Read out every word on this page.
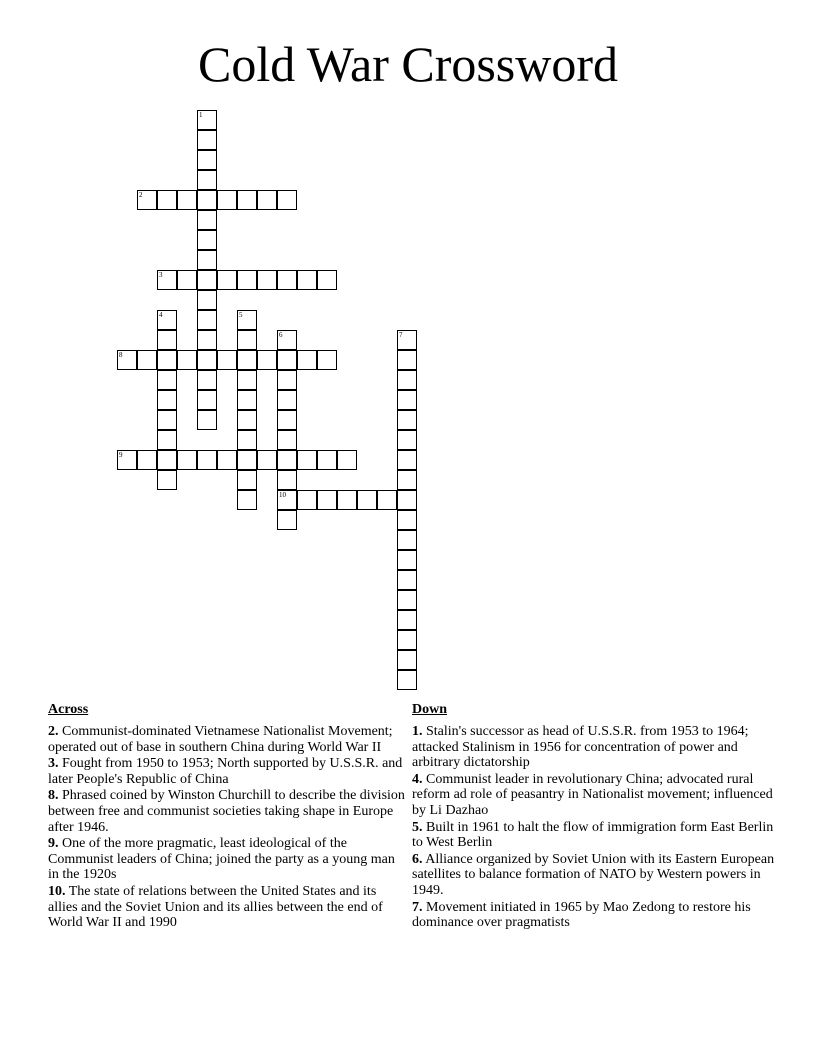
Cold War Crossword
1
2
3
4	5
6
10
7
8
9
Across
2. Communist-dominated Vietnamese Nationalist Movement; operated out of base in southern China during World War II
3. Fought from 1950 to 1953; North supported by U.S.S.R. and later People's Republic of China
8. Phrased coined by Winston Churchill to describe the division between free and communist societies taking shape in Europe after 1946.
9. One of the more pragmatic, least ideological of the Communist leaders of China; joined the party as a young man in the 1920s
10. The state of relations between the United States and its allies and the Soviet Union and its allies between the end of World War II and 1990
Down
1. Stalin's successor as head of U.S.S.R. from 1953 to 1964; attacked Stalinism in 1956 for concentration of power and arbitrary dictatorship
4. Communist leader in revolutionary China; advocated rural reform ad role of peasantry in Nationalist movement; influenced by Li Dazhao
5. Built in 1961 to halt the flow of immigration form East Berlin to West Berlin
6. Alliance organized by Soviet Union with its Eastern European satellites to balance formation of NATO by Western powers in 1949.
7. Movement initiated in 1965 by Mao Zedong to restore his dominance over pragmatists
